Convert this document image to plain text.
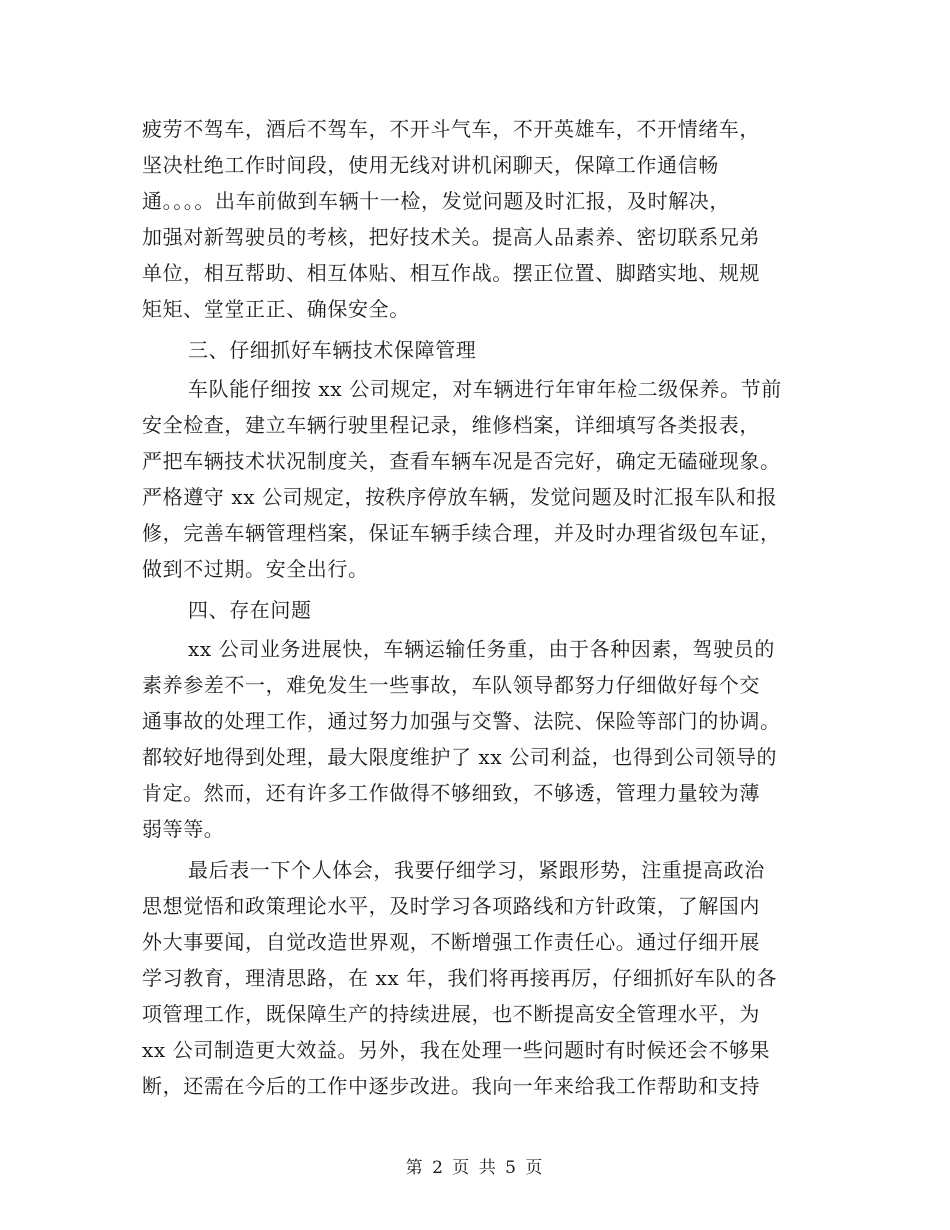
疲劳不驾车，酒后不驾车，不开斗气车，不开英雄车，不开情绪车，
坚决杜绝工作时间段，使用无线对讲机闲聊天，保障工作通信畅
通。。。。出车前做到车辆十一检，发觉问题及时汇报，及时解决，
加强对新驾驶员的考核，把好技术关。提高人品素养、密切联系兄弟
单位，相互帮助、相互体贴、相互作战。摆正位置、脚踏实地、规规
矩矩、堂堂正正、确保安全。
三、仔细抓好车辆技术保障管理
车队能仔细按 xx 公司规定，对车辆进行年审年检二级保养。节前
安全检查，建立车辆行驶里程记录，维修档案，详细填写各类报表，
严把车辆技术状况制度关，查看车辆车况是否完好，确定无磕碰现象。
严格遵守 xx 公司规定，按秩序停放车辆，发觉问题及时汇报车队和报
修，完善车辆管理档案，保证车辆手续合理，并及时办理省级包车证，
做到不过期。安全出行。
四、存在问题
xx 公司业务进展快，车辆运输任务重，由于各种因素，驾驶员的
素养参差不一，难免发生一些事故，车队领导都努力仔细做好每个交
通事故的处理工作，通过努力加强与交警、法院、保险等部门的协调。
都较好地得到处理，最大限度维护了 xx 公司利益，也得到公司领导的
肯定。然而，还有许多工作做得不够细致，不够透，管理力量较为薄
弱等等。
最后表一下个人体会，我要仔细学习，紧跟形势，注重提高政治
思想觉悟和政策理论水平，及时学习各项路线和方针政策，了解国内
外大事要闻，自觉改造世界观，不断增强工作责任心。通过仔细开展
学习教育，理清思路，在 xx 年，我们将再接再厉，仔细抓好车队的各
项管理工作，既保障生产的持续进展，也不断提高安全管理水平，为
xx 公司制造更大效益。另外，我在处理一些问题时有时候还会不够果
断，还需在今后的工作中逐步改进。我向一年来给我工作帮助和支持
第 2 页 共 5 页
